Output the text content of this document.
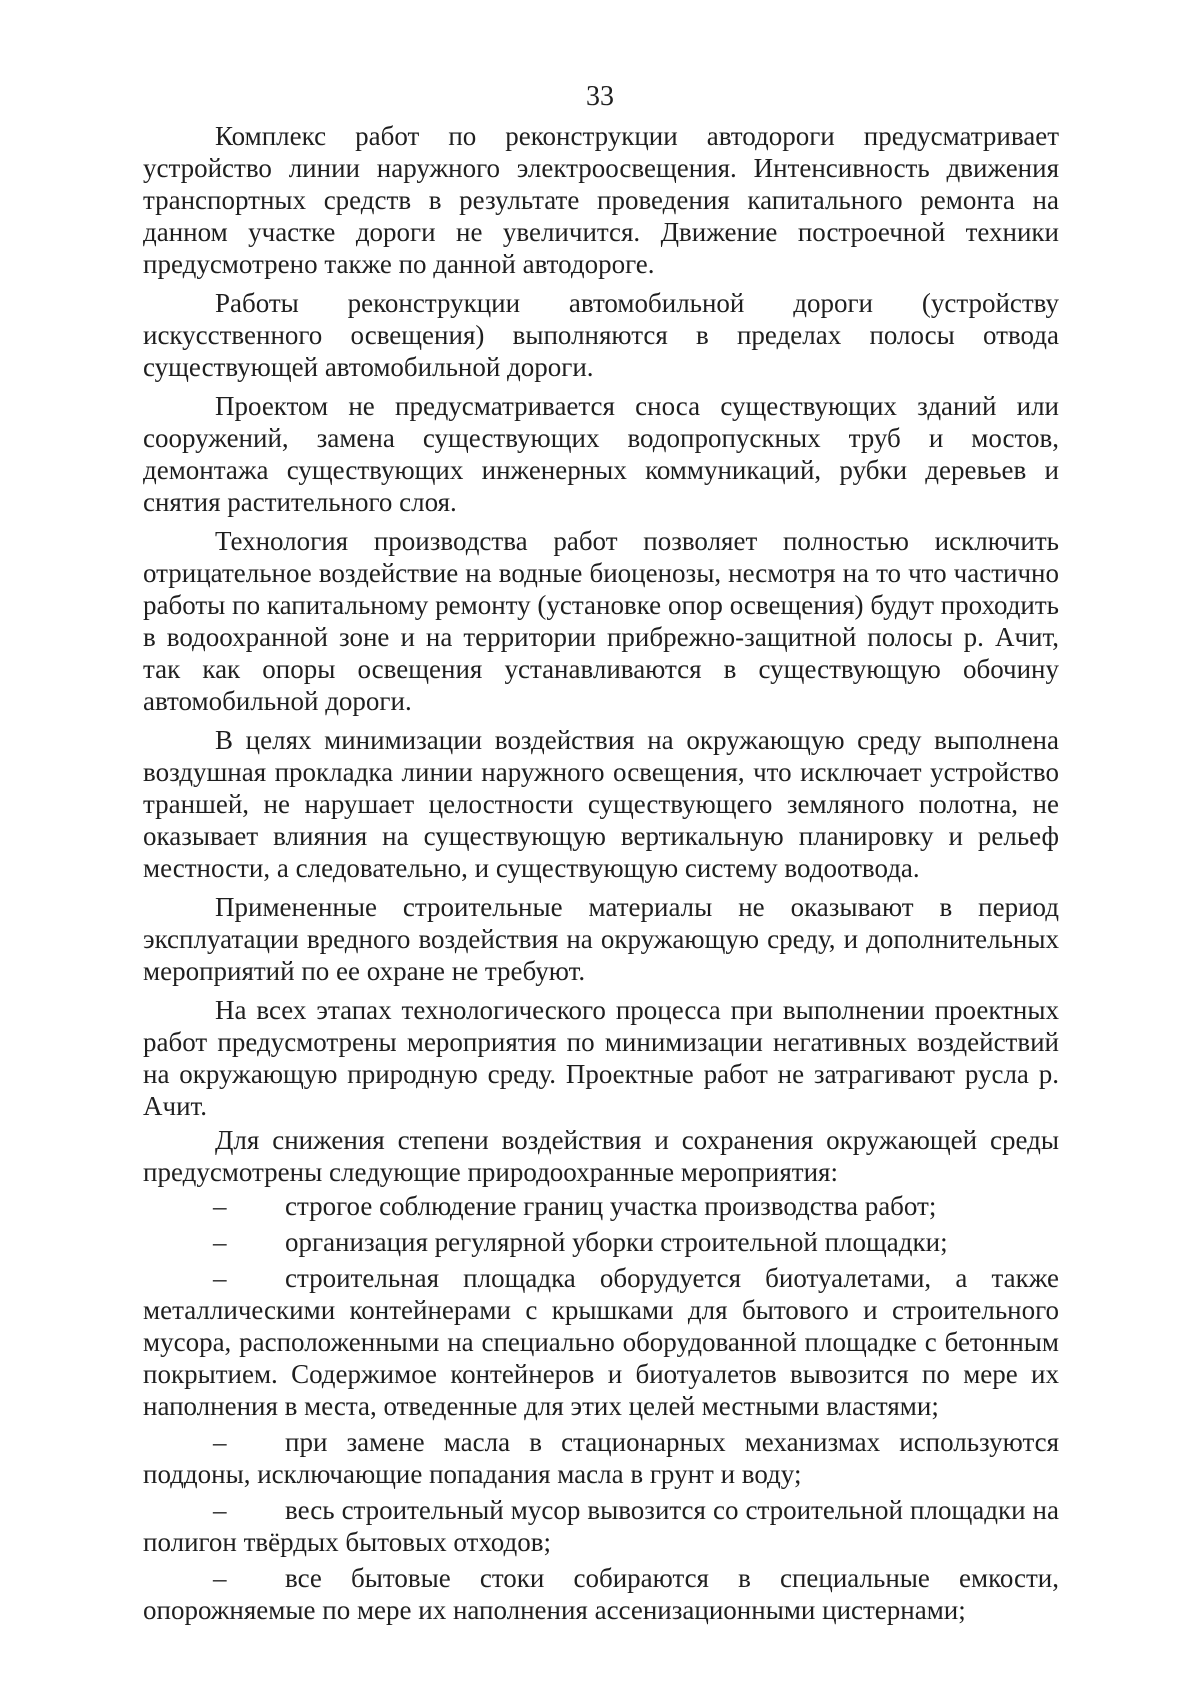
33

Комплекс работ по реконструкции автодороги предусматривает устройство линии наружного электроосвещения. Интенсивность движения транспортных средств в результате проведения капитального ремонта на данном участке дороги не увеличится. Движение построечной техники предусмотрено также по данной автодороге.

Работы реконструкции автомобильной дороги (устройству искусственного освещения) выполняются в пределах полосы отвода существующей автомобильной дороги.

Проектом не предусматривается сноса существующих зданий или сооружений, замена существующих водопропускных труб и мостов, демонтажа существующих инженерных коммуникаций, рубки деревьев и снятия растительного слоя.

Технология производства работ позволяет полностью исключить отрицательное воздействие на водные биоценозы, несмотря на то что частично работы по капитальному ремонту (установке опор освещения) будут проходить в водоохранной зоне и на территории прибрежно-защитной полосы р. Ачит, так как опоры освещения устанавливаются в существующую обочину автомобильной дороги.

В целях минимизации воздействия на окружающую среду выполнена воздушная прокладка линии наружного освещения, что исключает устройство траншей, не нарушает целостности существующего земляного полотна, не оказывает влияния на существующую вертикальную планировку и рельеф местности, а следовательно, и существующую систему водоотвода.

Примененные строительные материалы не оказывают в период эксплуатации вредного воздействия на окружающую среду, и дополнительных мероприятий по ее охране не требуют.

На всех этапах технологического процесса при выполнении проектных работ предусмотрены мероприятия по минимизации негативных воздействий на окружающую природную среду. Проектные работ не затрагивают русла р. Ачит.

Для снижения степени воздействия и сохранения окружающей среды предусмотрены следующие природоохранные мероприятия:

– строгое соблюдение границ участка производства работ;

– организация регулярной уборки строительной площадки;

– строительная площадка оборудуется биотуалетами, а также металлическими контейнерами с крышками для бытового и строительного мусора, расположенными на специально оборудованной площадке с бетонным покрытием. Содержимое контейнеров и биотуалетов вывозится по мере их наполнения в места, отведенные для этих целей местными властями;

– при замене масла в стационарных механизмах используются поддоны, исключающие попадания масла в грунт и воду;

– весь строительный мусор вывозится со строительной площадки на полигон твёрдых бытовых отходов;

– все бытовые стоки собираются в специальные емкости, опорожняемые по мере их наполнения ассенизационными цистернами;
